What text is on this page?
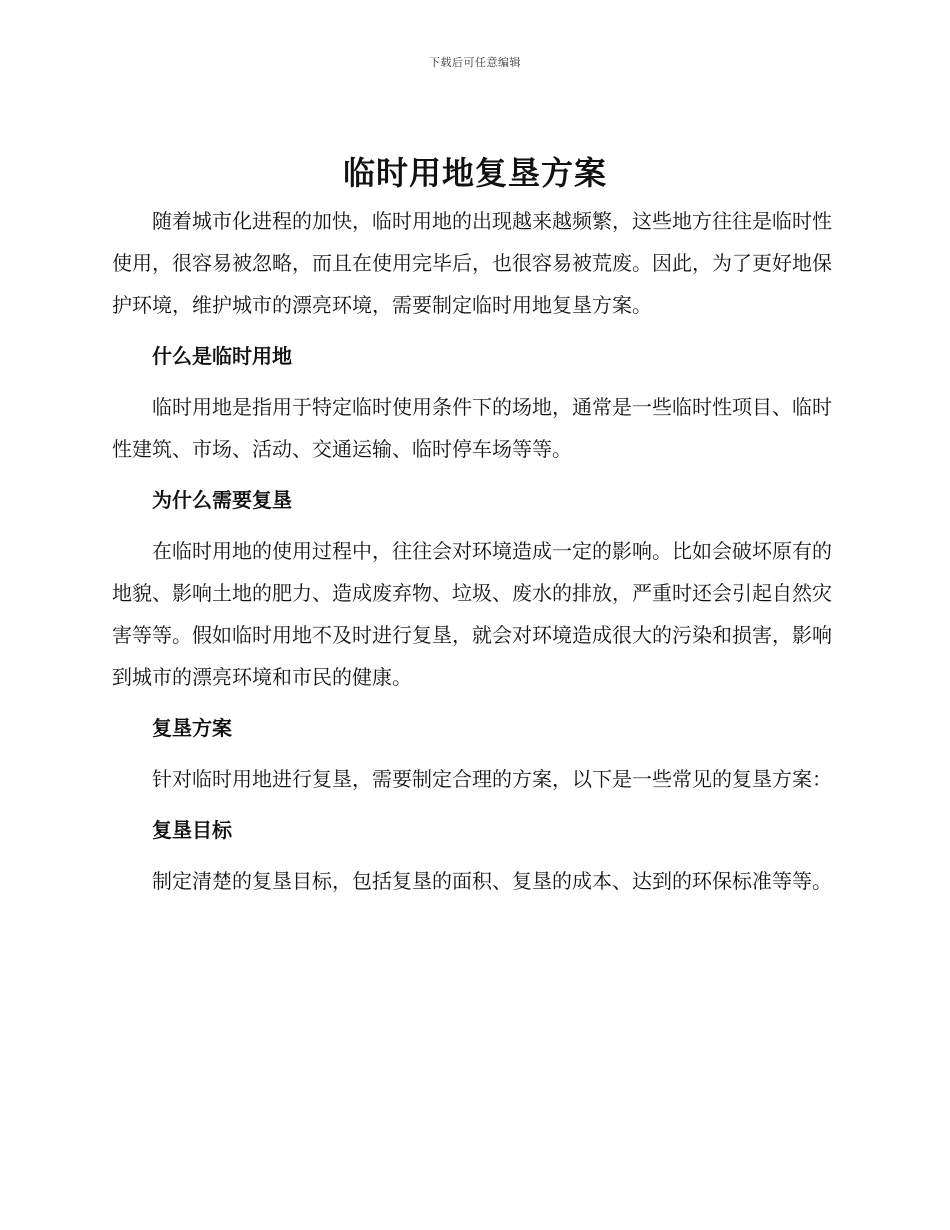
下载后可任意编辑
临时用地复垦方案

随着城市化进程的加快，临时用地的出现越来越频繁，这些地方往往是临时性使用，很容易被忽略，而且在使用完毕后，也很容易被荒废。因此，为了更好地保护环境，维护城市的漂亮环境，需要制定临时用地复垦方案。

什么是临时用地

临时用地是指用于特定临时使用条件下的场地，通常是一些临时性项目、临时性建筑、市场、活动、交通运输、临时停车场等等。

为什么需要复垦

在临时用地的使用过程中，往往会对环境造成一定的影响。比如会破坏原有的地貌、影响土地的肥力、造成废弃物、垃圾、废水的排放，严重时还会引起自然灾害等等。假如临时用地不及时进行复垦，就会对环境造成很大的污染和损害，影响到城市的漂亮环境和市民的健康。

复垦方案

针对临时用地进行复垦，需要制定合理的方案，以下是一些常见的复垦方案：

复垦目标

制定清楚的复垦目标，包括复垦的面积、复垦的成本、达到的环保标准等等。
